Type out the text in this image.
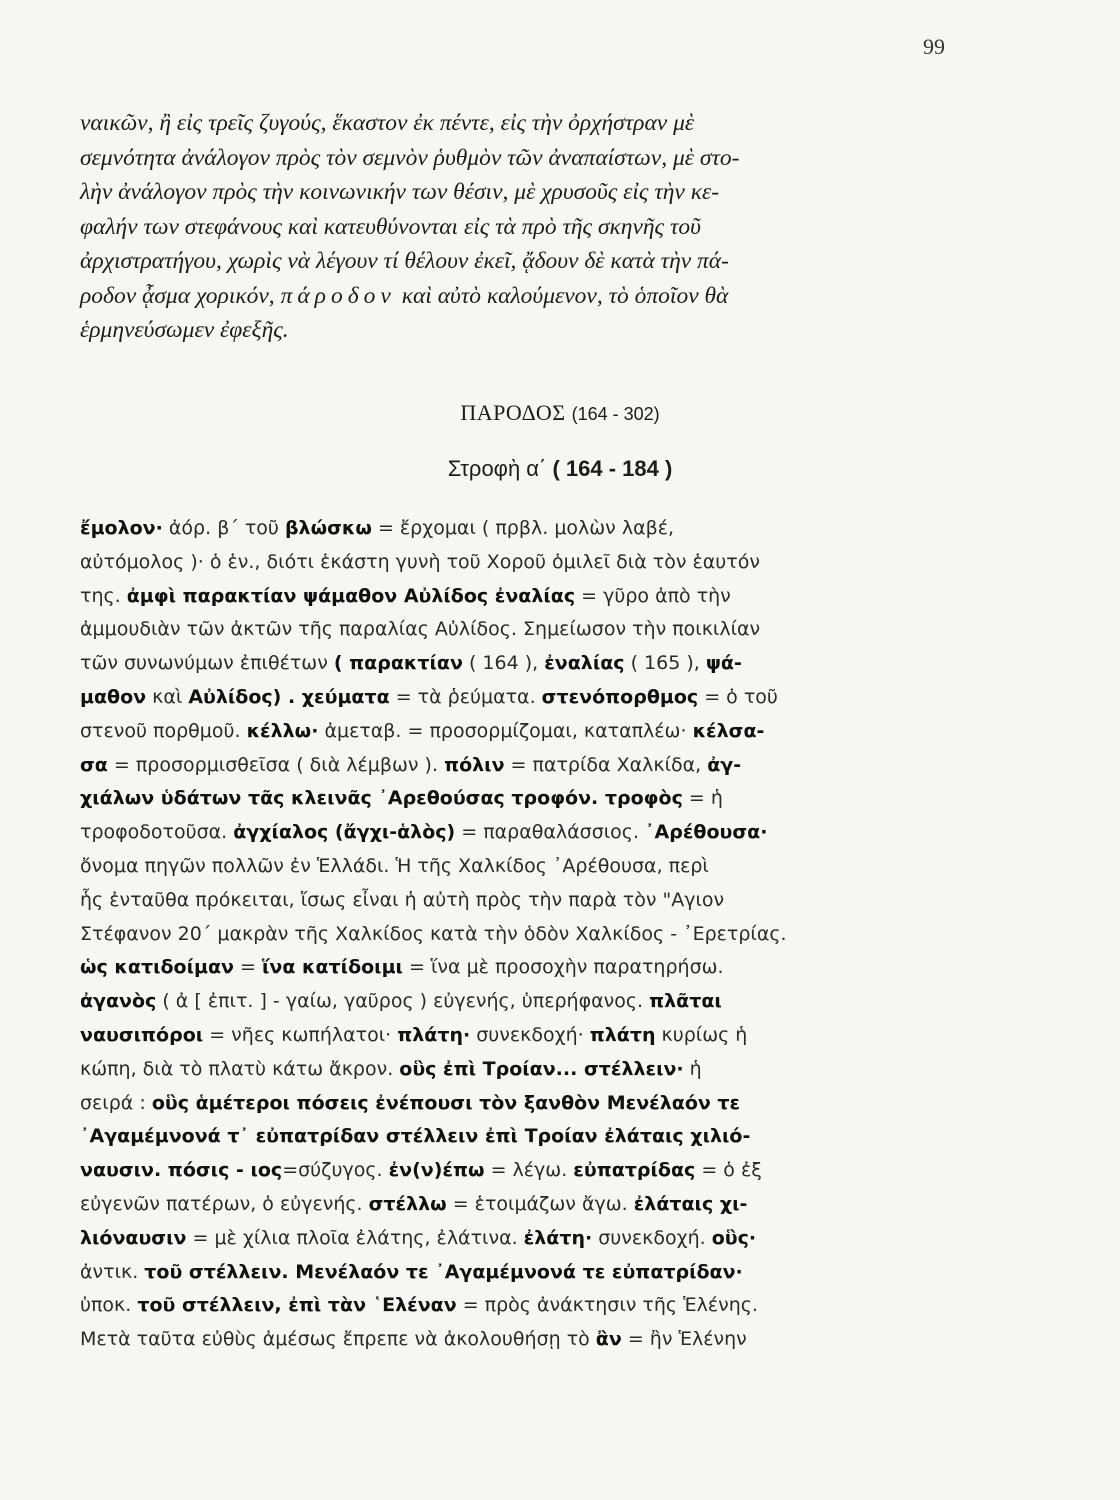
99
ναικῶν, ἢ εἰς τρεῖς ζυγούς, ἕκαστον ἐκ πέντε, εἰς τὴν ὀρχήστραν μὲ
σεμνότητα ἀνάλογον πρὸς τὸν σεμνὸν ῥυθμὸν τῶν ἀναπαίστων, μὲ στο-
λὴν ἀνάλογον πρὸς τὴν κοινωνικήν των θέσιν, μὲ χρυσοῦς εἰς τὴν κε-
φαλήν των στεφάνους καὶ κατευθύνονται εἰς τὰ πρὸ τῆς σκηνῆς τοῦ
ἀρχιστρατήγου, χωρὶς νὰ λέγουν τί θέλουν ἐκεῖ, ᾄδουν δὲ κατὰ τὴν πά-
ροδον ᾆσμα χορικόν, πάροδον καὶ αὐτὸ καλούμενον, τὸ ὁποῖον θὰ
ἑρμηνεύσωμεν ἐφεξῆς.
ΠΑΡΟΔΟΣ (164 - 302)
Στροφὴ α΄ ( 164 - 184 )
ἔμολον· ἀόρ. β΄ τοῦ βλώσκω = ἔρχομαι ( πρβλ. μολὼν λαβέ,
αὐτόμολος )· ὁ ἑν., διότι ἑκάστη γυνὴ τοῦ Χοροῦ ὁμιλεῖ διὰ τὸν ἑαυτόν
της. ἀμφὶ παρακτίαν ψάμαθον Αὐλίδος ἐναλίας = γῦρο ἀπὸ τὴν
ἀμμουδιὰν τῶν ἀκτῶν τῆς παραλίας Αὐλίδος. Σημείωσον τὴν ποικιλίαν
τῶν συνωνύμων ἐπιθέτων ( παρακτίαν ( 164 ), ἐναλίας ( 165 ), ψά-
μαθον καὶ Αὐλίδος) . χεύματα = τὰ ῥεύματα. στενόπορθμος = ὁ τοῦ
στενοῦ πορθμοῦ. κέλλω· ἀμεταβ. = προσορμίζομαι, καταπλέω· κέλσα-
σα = προσορμισθεῖσα ( διὰ λέμβων ). πόλιν = πατρίδα Χαλκίδα, ἀγ-
χιάλων ὑδάτων τᾶς κλεινᾶς ᾽Αρεθούσας τροφόν. τροφὸς = ἡ
τροφοδοτοῦσα. ἀγχίαλος (ἄγχι-ἁλὸς) = παραθαλάσσιος. ᾽Αρέθουσα·
ὄνομα πηγῶν πολλῶν ἐν Ἑλλάδι. Ἡ τῆς Χαλκίδος ᾽Αρέθουσα, περὶ
ἧς ἐνταῦθα πρόκειται, ἴσως εἶναι ἡ αὐτὴ πρὸς τὴν παρὰ τὸν "Αγιον
Στέφανον 20΄ μακρὰν τῆς Χαλκίδος κατὰ τὴν ὁδὸν Χαλκίδος - ᾽Ερετρίας.
ὡς κατιδοίμαν = ἵνα κατίδοιμι = ἵνα μὲ προσοχὴν παρατηρήσω.
ἀγανὸς ( ἀ [ ἐπιτ. ] - γαίω, γαῦρος ) εὐγενής, ὑπερήφανος. πλᾶται
ναυσιπόροι = νῆες κωπήλατοι· πλάτη· συνεκδοχή· πλάτη κυρίως ἡ
κώπη, διὰ τὸ πλατὺ κάτω ἄκρον. οὓς ἐπὶ Τροίαν... στέλλειν· ἡ
σειρά : οὓς ἁμέτεροι πόσεις ἐνέπουσι τὸν ξανθὸν Μενέλαόν τε
᾽Αγαμέμνονά τ᾽ εὐπατρίδαν στέλλειν ἐπὶ Τροίαν ἐλάταις χιλιό-
ναυσιν. πόσις - ιος=σύζυγος. ἐν(ν)έπω = λέγω. εὐπατρίδας = ὁ ἐξ
εὐγενῶν πατέρων, ὁ εὐγενής. στέλλω = ἑτοιμάζων ἄγω. ἐλάταις χι-
λιόναυσιν = μὲ χίλια πλοῖα ἐλάτης, ἐλάτινα. ἐλάτη· συνεκδοχή. οὓς·
ἀντικ. τοῦ στέλλειν. Μενέλαόν τε ᾽Αγαμέμνονά τε εὐπατρίδαν·
ὑποκ. τοῦ στέλλειν, ἐπὶ τὰν ῾Ελέναν = πρὸς ἀνάκτησιν τῆς Ἑλένης.
Μετὰ ταῦτα εὐθὺς ἀμέσως ἔπρεπε νὰ ἀκολουθήσῃ τὸ ἂν = ἢν Ἑλένην
